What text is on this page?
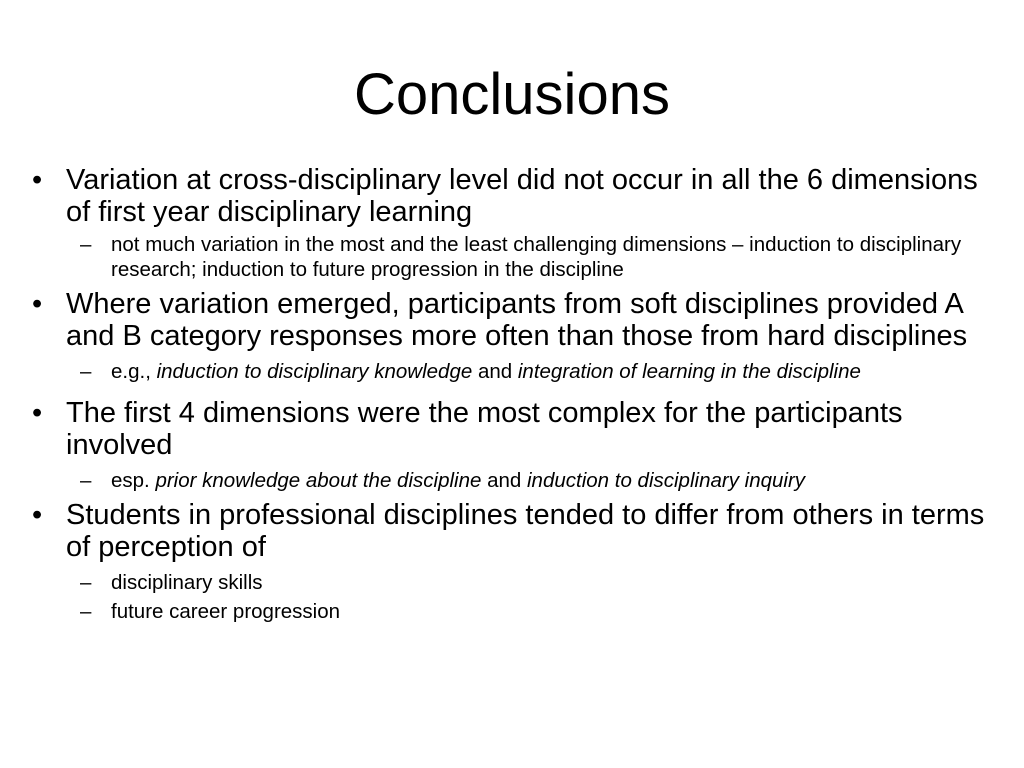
Conclusions
• Variation at cross-disciplinary level did not occur in all the 6 dimensions of first year disciplinary learning
– not much variation in the most and the least challenging dimensions – induction to disciplinary research; induction to future progression in the discipline
• Where variation emerged, participants from soft disciplines provided A and B category responses more often than those from hard disciplines
– e.g., induction to disciplinary knowledge and integration of learning in the discipline
• The first 4 dimensions were the most complex for the participants involved
– esp. prior knowledge about the discipline and induction to disciplinary inquiry
• Students in professional disciplines tended to differ from others in terms of perception of
– disciplinary skills
– future career progression
